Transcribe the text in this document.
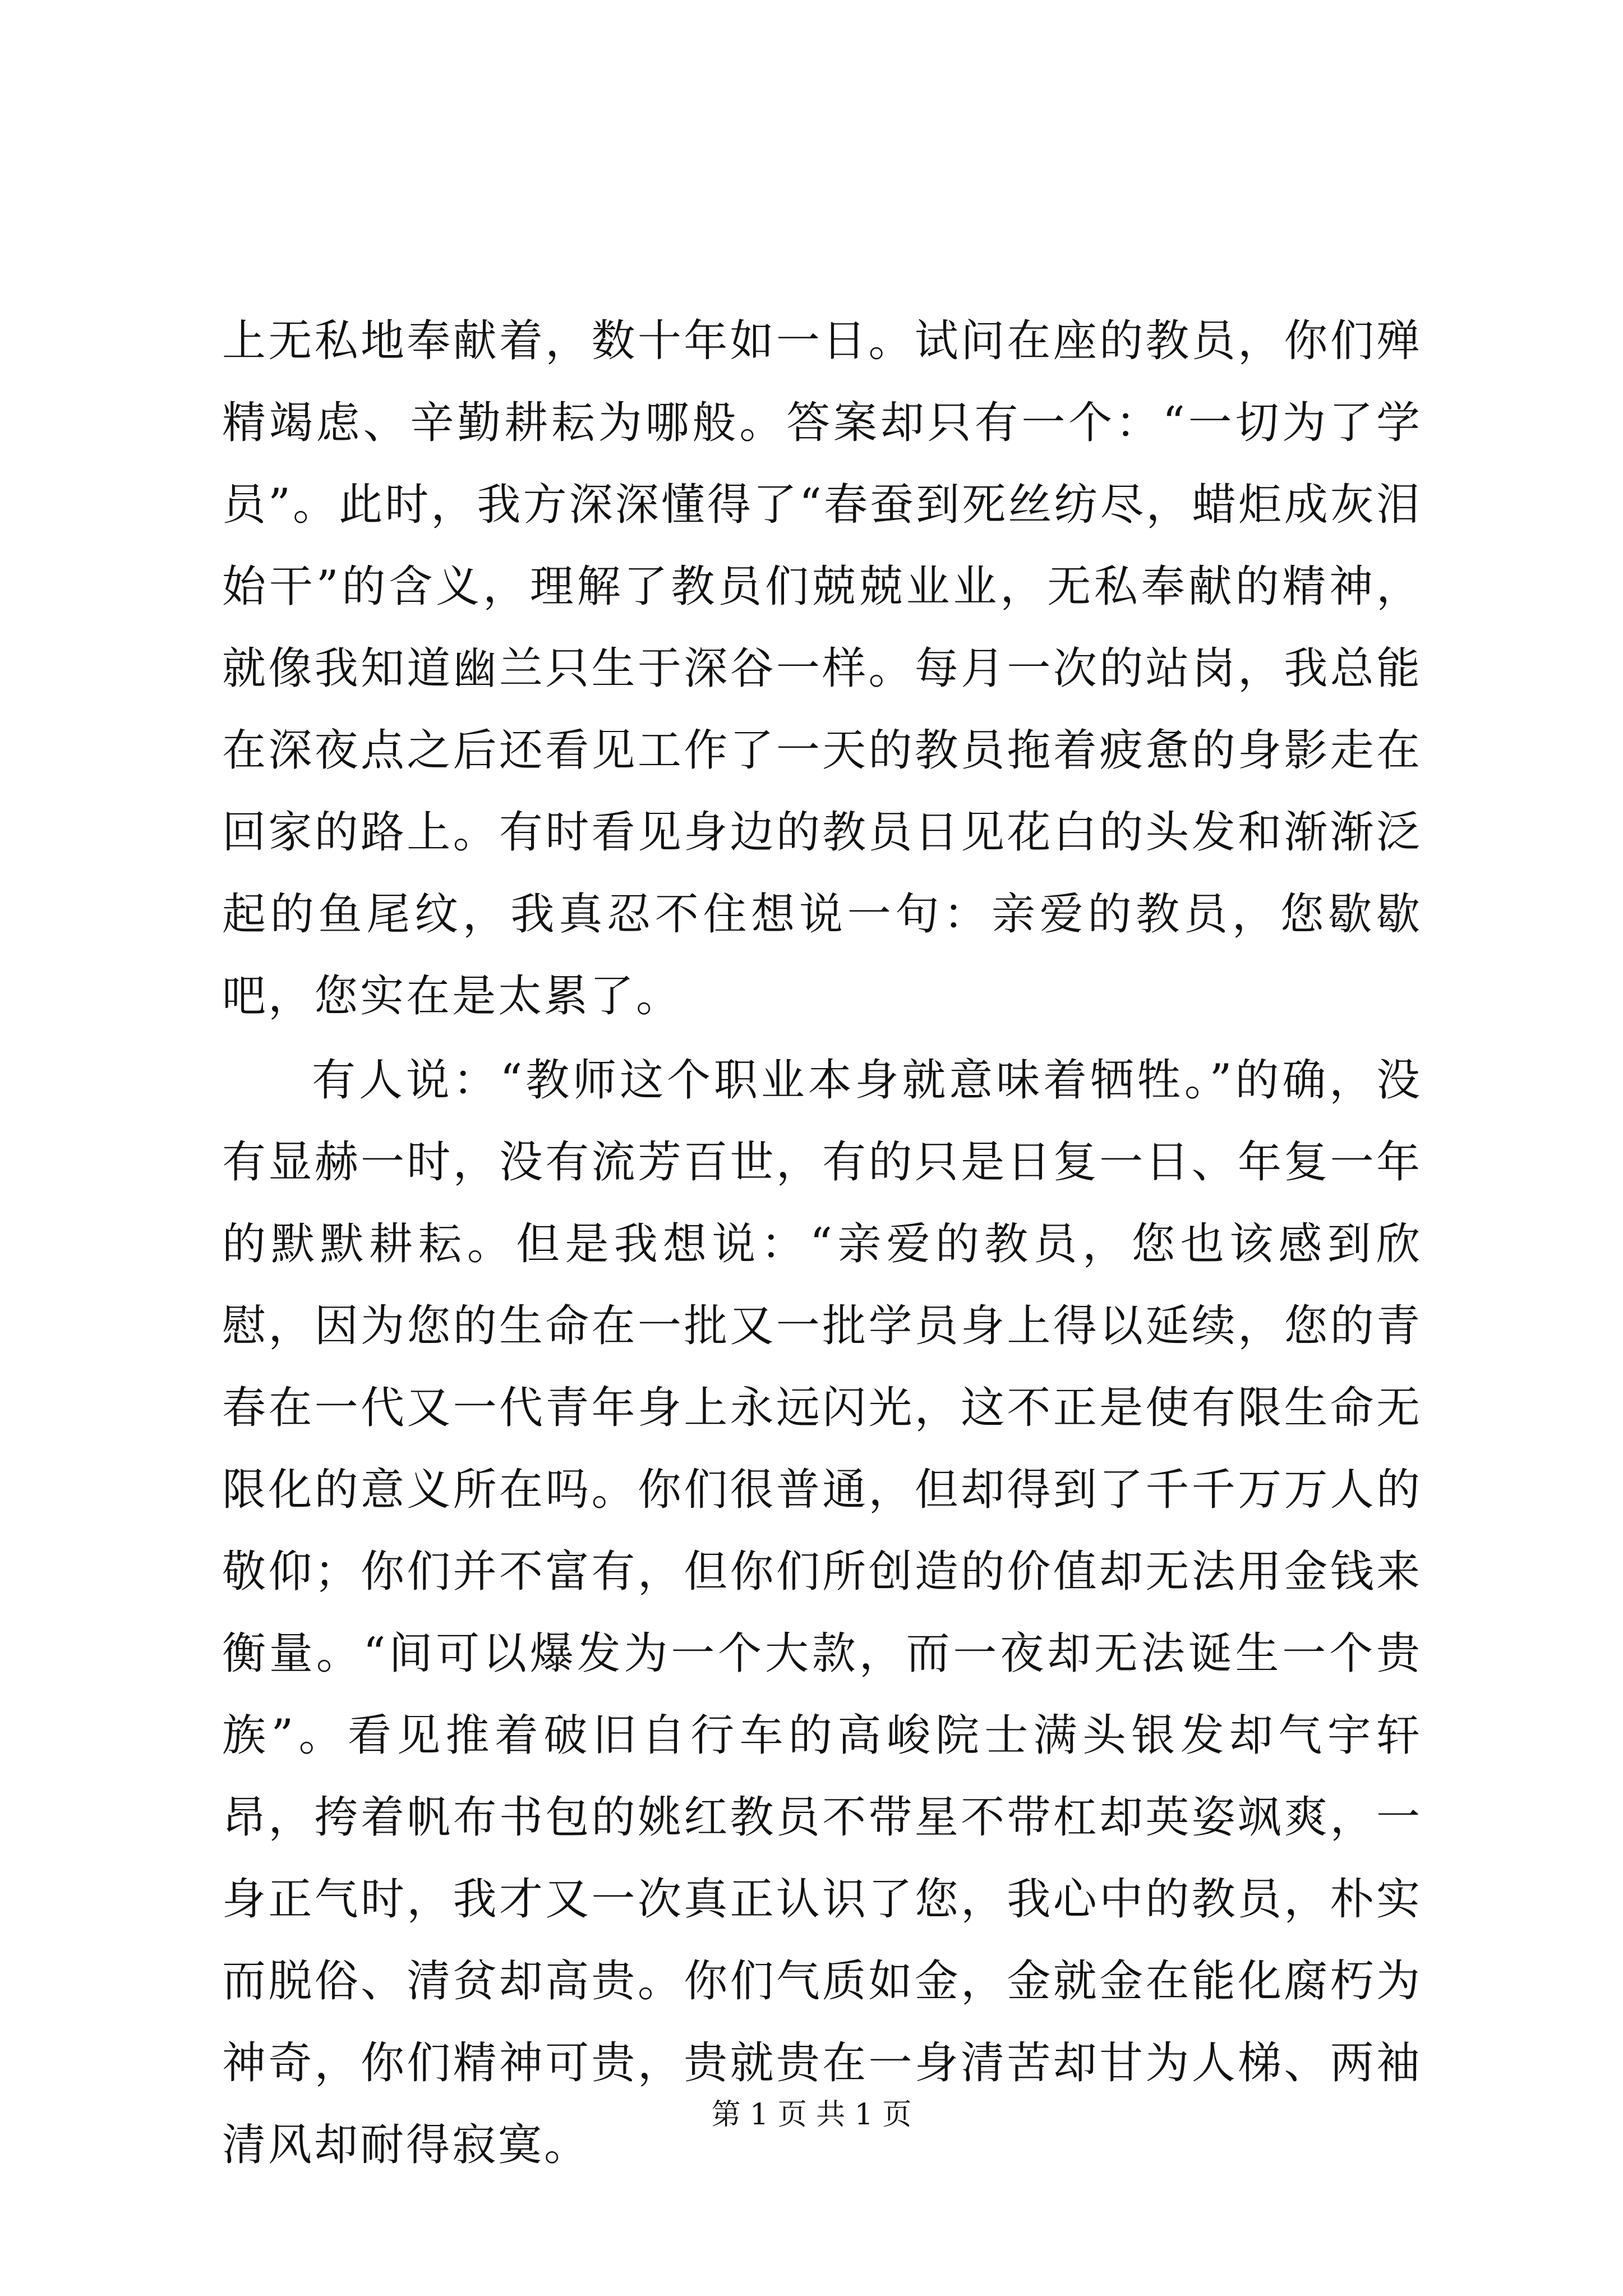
上无私地奉献着，数十年如一日。试问在座的教员，你们殚精竭虑、辛勤耕耘为哪般。答案却只有一个：“一切为了学员”。此时，我方深深懂得了“春蚕到死丝纺尽，蜡炬成灰泪始干”的含义，理解了教员们兢兢业业，无私奉献的精神，就像我知道幽兰只生于深谷一样。每月一次的站岗，我总能在深夜点之后还看见工作了一天的教员拖着疲惫的身影走在回家的路上。有时看见身边的教员日见花白的头发和渐渐泛起的鱼尾纹，我真忍不住想说一句：亲爱的教员，您歇歇吧，您实在是太累了。

有人说：“教师这个职业本身就意味着牺牲。”的确，没有显赫一时，没有流芳百世，有的只是日复一日、年复一年的默默耕耘。但是我想说：“亲爱的教员，您也该感到欣慰，因为您的生命在一批又一批学员身上得以延续，您的青春在一代又一代青年身上永远闪光，这不正是使有限生命无限化的意义所在吗。你们很普通，但却得到了千千万万人的敬仰；你们并不富有，但你们所创造的价值却无法用金钱来衡量。“间可以爆发为一个大款，而一夜却无法诞生一个贵族”。看见推着破旧自行车的高峻院士满头银发却气宇轩昂，挎着帆布书包的姚红教员不带星不带杠却英姿飒爽，一身正气时，我才又一次真正认识了您，我心中的教员，朴实而脱俗、清贫却高贵。你们气质如金，金就金在能化腐朽为神奇，你们精神可贵，贵就贵在一身清苦却甘为人梯、两袖清风却耐得寂寞。

第 1 页 共 1 页
